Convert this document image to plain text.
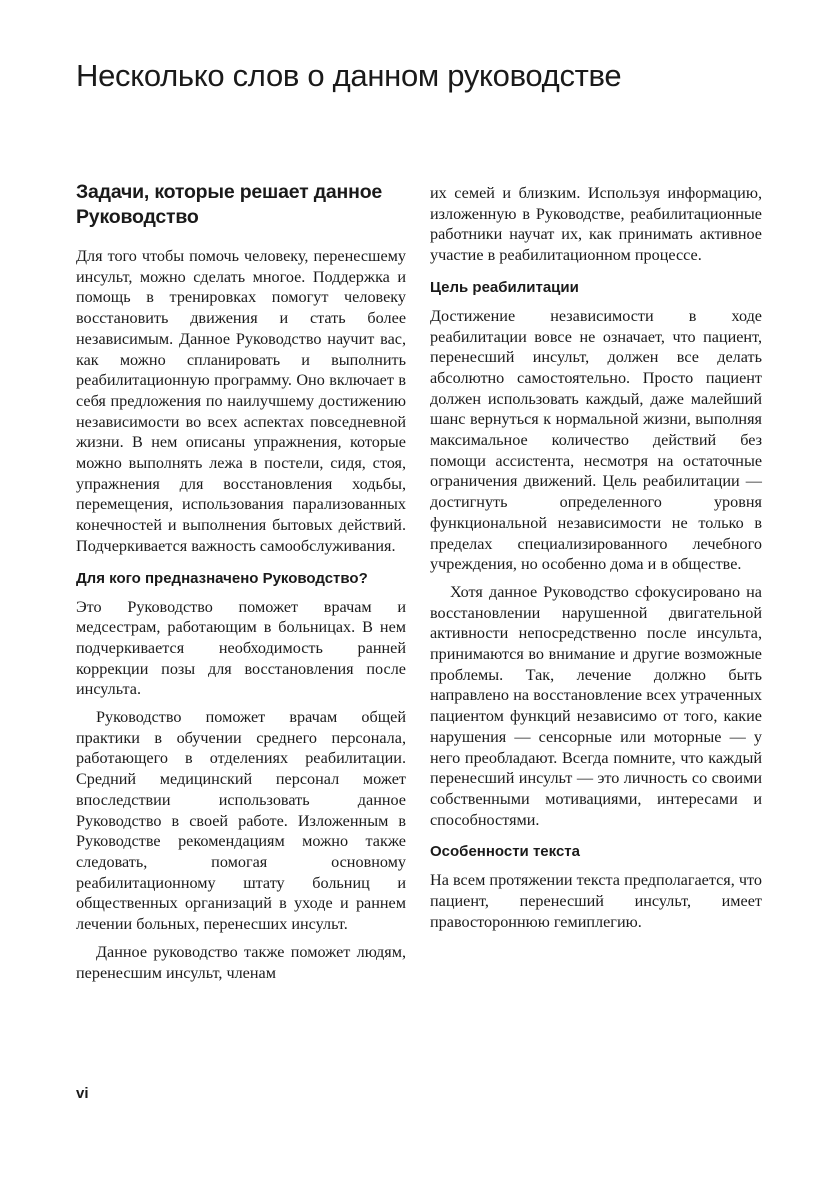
Несколько слов о данном руководстве
Задачи, которые решает данное Руководство

Для того чтобы помочь человеку, перенесшему инсульт, можно сделать многое. Поддержка и помощь в тренировках помогут человеку восстановить движения и стать более независимым. Данное Руководство научит вас, как можно спланировать и выполнить реабилитационную программу. Оно включает в себя предложения по наилучшему достижению независимости во всех аспектах повседневной жизни. В нем описаны упражнения, которые можно выполнять лежа в постели, сидя, стоя, упражнения для восстановления ходьбы, перемещения, использования парализованных конечностей и выполнения бытовых действий. Подчеркивается важность самообслуживания.

Для кого предназначено Руководство?

Это Руководство поможет врачам и медсестрам, работающим в больницах. В нем подчеркивается необходимость ранней коррекции позы для восстановления после инсульта.

Руководство поможет врачам общей практики в обучении среднего персонала, работающего в отделениях реабилитации. Средний медицинский персонал может впоследствии использовать данное Руководство в своей работе. Изложенным в Руководстве рекомендациям можно также следовать, помогая основному реабилитационному штату больниц и общественных организаций в уходе и раннем лечении больных, перенесших инсульт.

Данное руководство также поможет людям, перенесшим инсульт, членам

их семей и близким. Используя информацию, изложенную в Руководстве, реабилитационные работники научат их, как принимать активное участие в реабилитационном процессе.

Цель реабилитации

Достижение независимости в ходе реабилитации вовсе не означает, что пациент, перенесший инсульт, должен все делать абсолютно самостоятельно. Просто пациент должен использовать каждый, даже малейший шанс вернуться к нормальной жизни, выполняя максимальное количество действий без помощи ассистента, несмотря на остаточные ограничения движений. Цель реабилитации — достигнуть определенного уровня функциональной независимости не только в пределах специализированного лечебного учреждения, но особенно дома и в обществе.

Хотя данное Руководство сфокусировано на восстановлении нарушенной двигательной активности непосредственно после инсульта, принимаются во внимание и другие возможные проблемы. Так, лечение должно быть направлено на восстановление всех утраченных пациентом функций независимо от того, какие нарушения — сенсорные или моторные — у него преобладают. Всегда помните, что каждый перенесший инсульт — это личность со своими собственными мотивациями, интересами и способностями.

Особенности текста

На всем протяжении текста предполагается, что пациент, перенесший инсульт, имеет правостороннюю гемиплегию.

vi
